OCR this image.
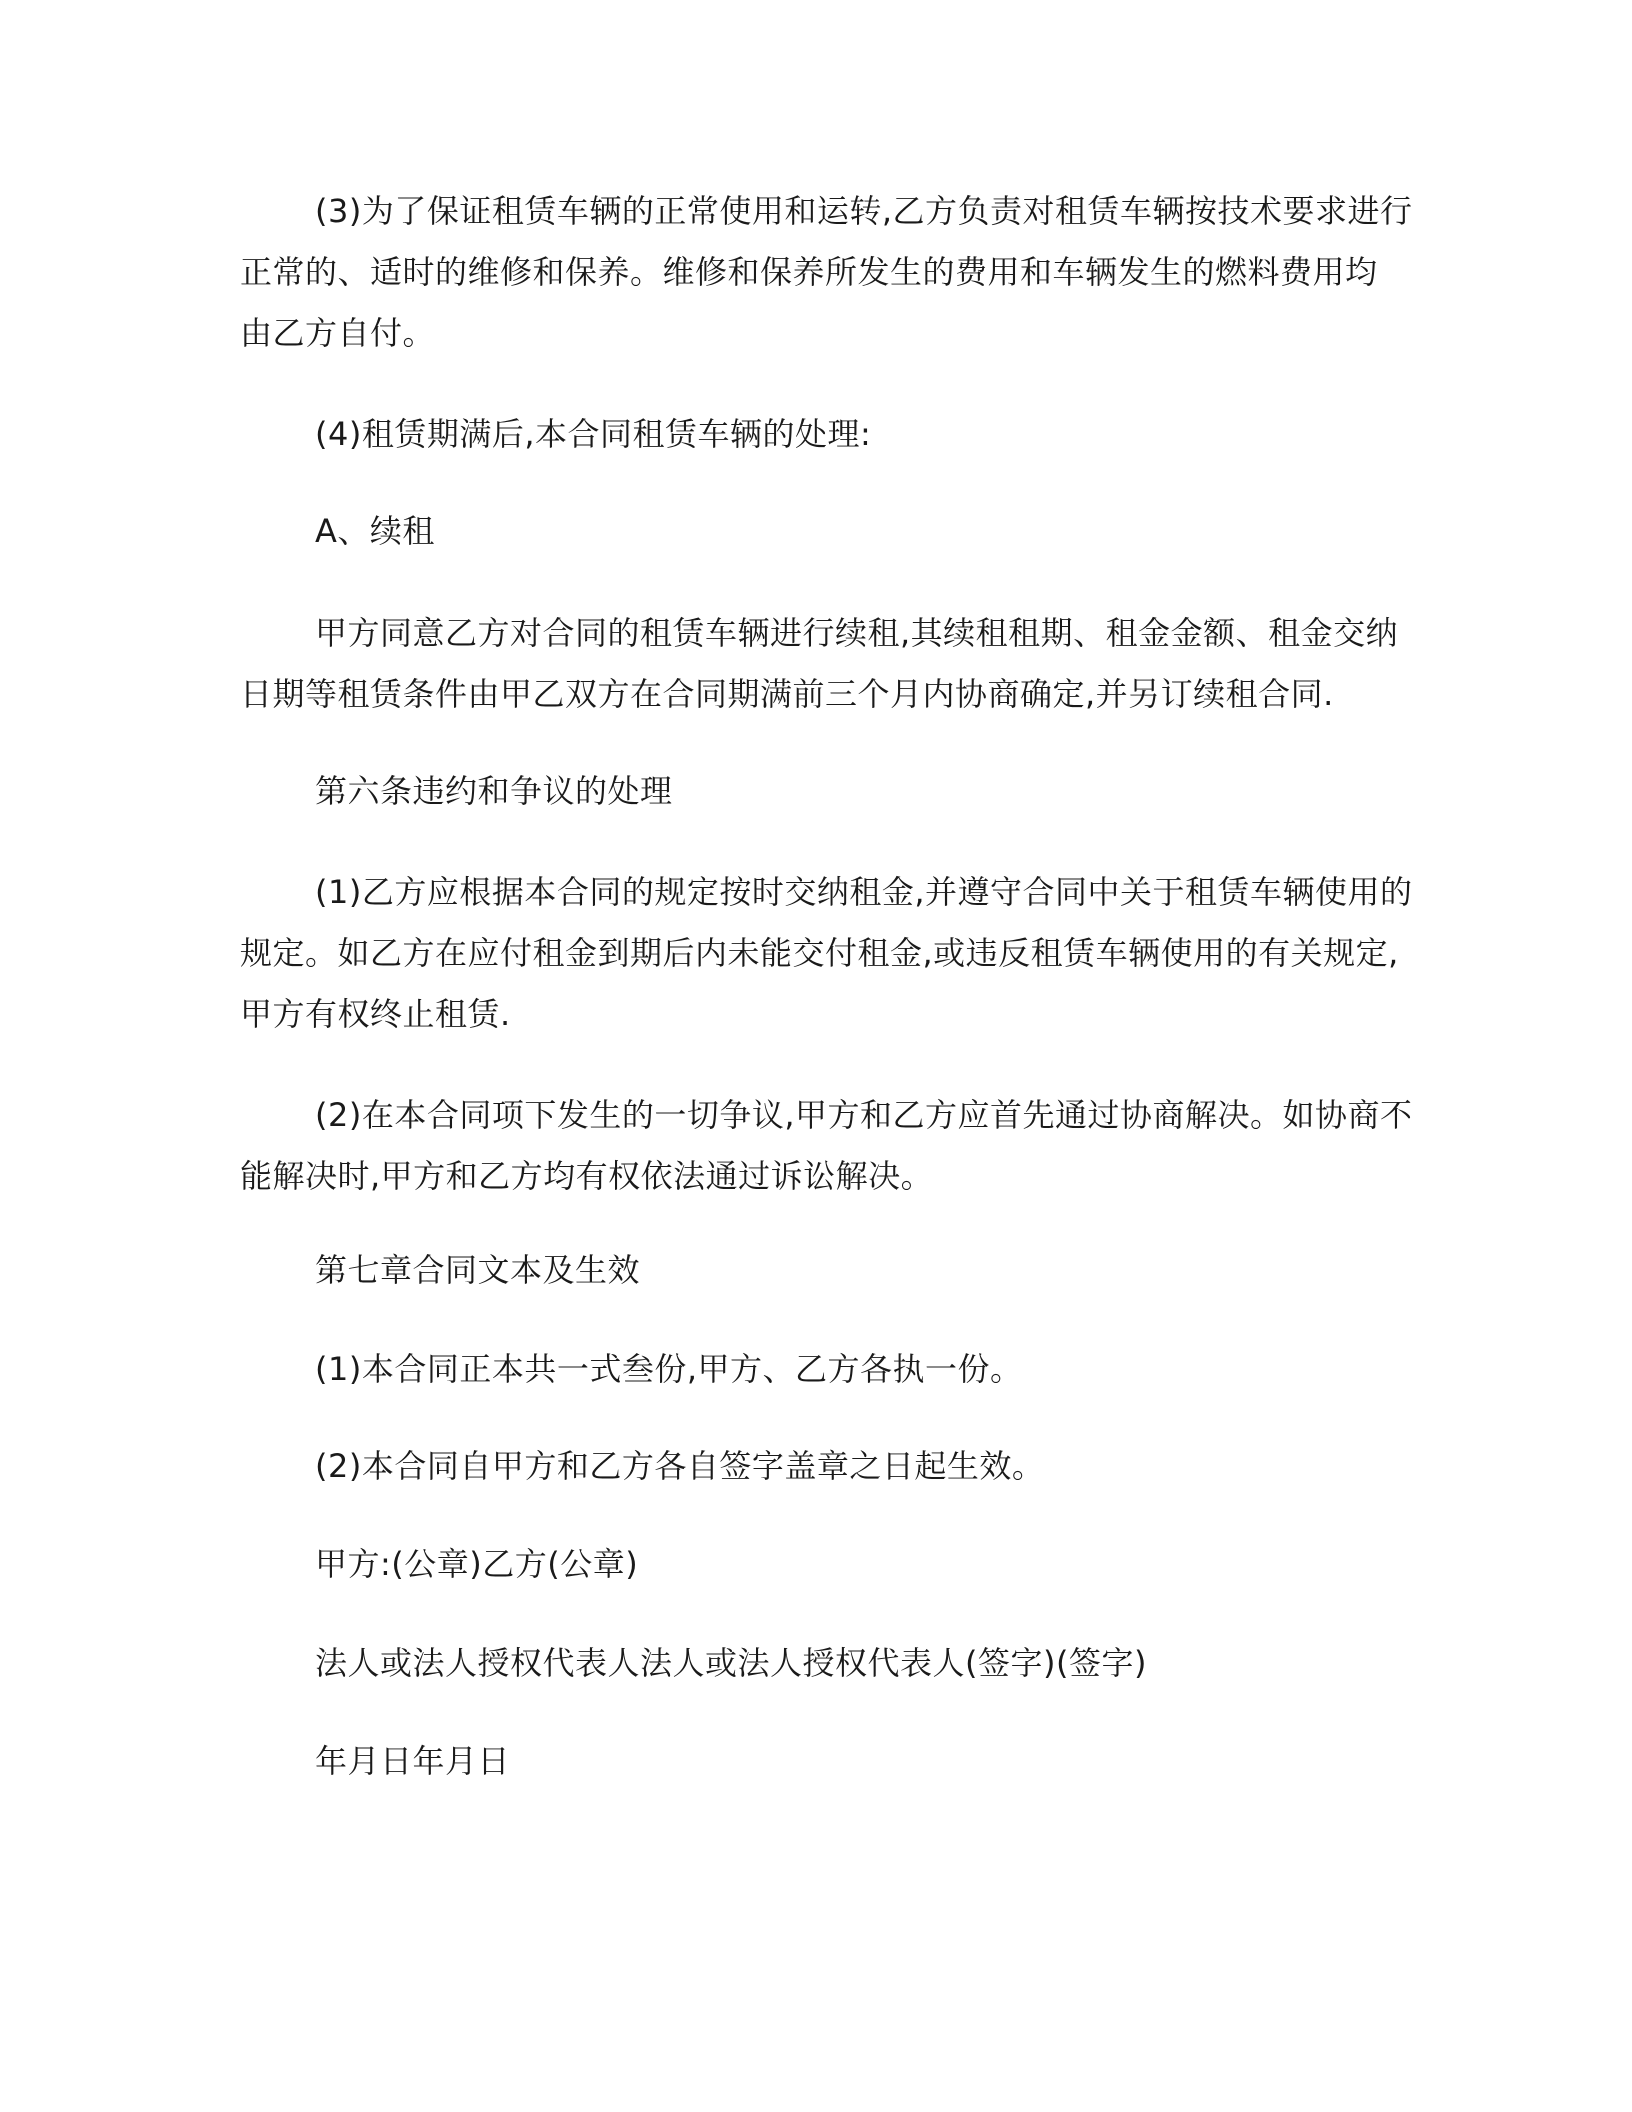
(3)为了保证租赁车辆的正常使用和运转,乙方负责对租赁车辆按技术要求进行
正常的、适时的维修和保养。维修和保养所发生的费用和车辆发生的燃料费用均
由乙方自付。

(4)租赁期满后,本合同租赁车辆的处理:

A、续租

甲方同意乙方对合同的租赁车辆进行续租,其续租租期、租金金额、租金交纳
日期等租赁条件由甲乙双方在合同期满前三个月内协商确定,并另订续租合同.

第六条违约和争议的处理

(1)乙方应根据本合同的规定按时交纳租金,并遵守合同中关于租赁车辆使用的
规定。如乙方在应付租金到期后内未能交付租金,或违反租赁车辆使用的有关规定,
甲方有权终止租赁.

(2)在本合同项下发生的一切争议,甲方和乙方应首先通过协商解决。如协商不
能解决时,甲方和乙方均有权依法通过诉讼解决。

第七章合同文本及生效

(1)本合同正本共一式叁份,甲方、乙方各执一份。

(2)本合同自甲方和乙方各自签字盖章之日起生效。

甲方:(公章)乙方(公章)

法人或法人授权代表人法人或法人授权代表人(签字)(签字)

年月日年月日
